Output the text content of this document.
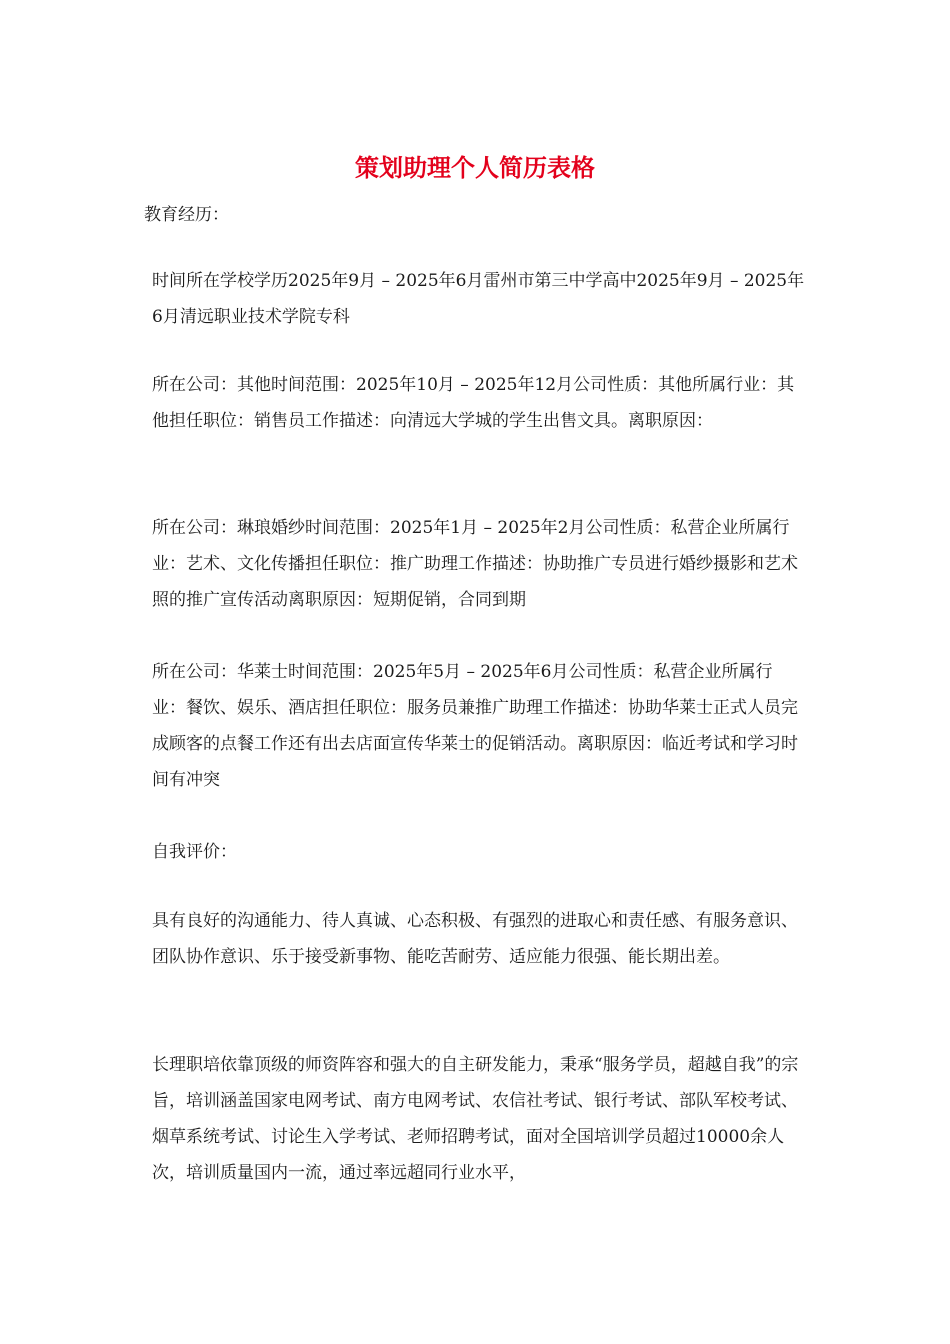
策划助理个人简历表格

教育经历：

时间所在学校学历2025年9月 – 2025年6月雷州市第三中学高中2025年9月 – 2025年6月清远职业技术学院专科

所在公司：其他时间范围：2025年10月 – 2025年12月公司性质：其他所属行业：其他担任职位：销售员工作描述：向清远大学城的学生出售文具。离职原因：

所在公司：琳琅婚纱时间范围：2025年1月 – 2025年2月公司性质：私营企业所属行业：艺术、文化传播担任职位：推广助理工作描述：协助推广专员进行婚纱摄影和艺术照的推广宣传活动离职原因：短期促销，合同到期

所在公司：华莱士时间范围：2025年5月 – 2025年6月公司性质：私营企业所属行业：餐饮、娱乐、酒店担任职位：服务员兼推广助理工作描述：协助华莱士正式人员完成顾客的点餐工作还有出去店面宣传华莱士的促销活动。离职原因：临近考试和学习时间有冲突

自我评价：

具有良好的沟通能力、待人真诚、心态积极、有强烈的进取心和责任感、有服务意识、团队协作意识、乐于接受新事物、能吃苦耐劳、适应能力很强、能长期出差。

长理职培依靠顶级的师资阵容和强大的自主研发能力，秉承“服务学员，超越自我”的宗旨，培训涵盖国家电网考试、南方电网考试、农信社考试、银行考试、部队军校考试、烟草系统考试、讨论生入学考试、老师招聘考试，面对全国培训学员超过10000余人次，培训质量国内一流，通过率远超同行业水平，
